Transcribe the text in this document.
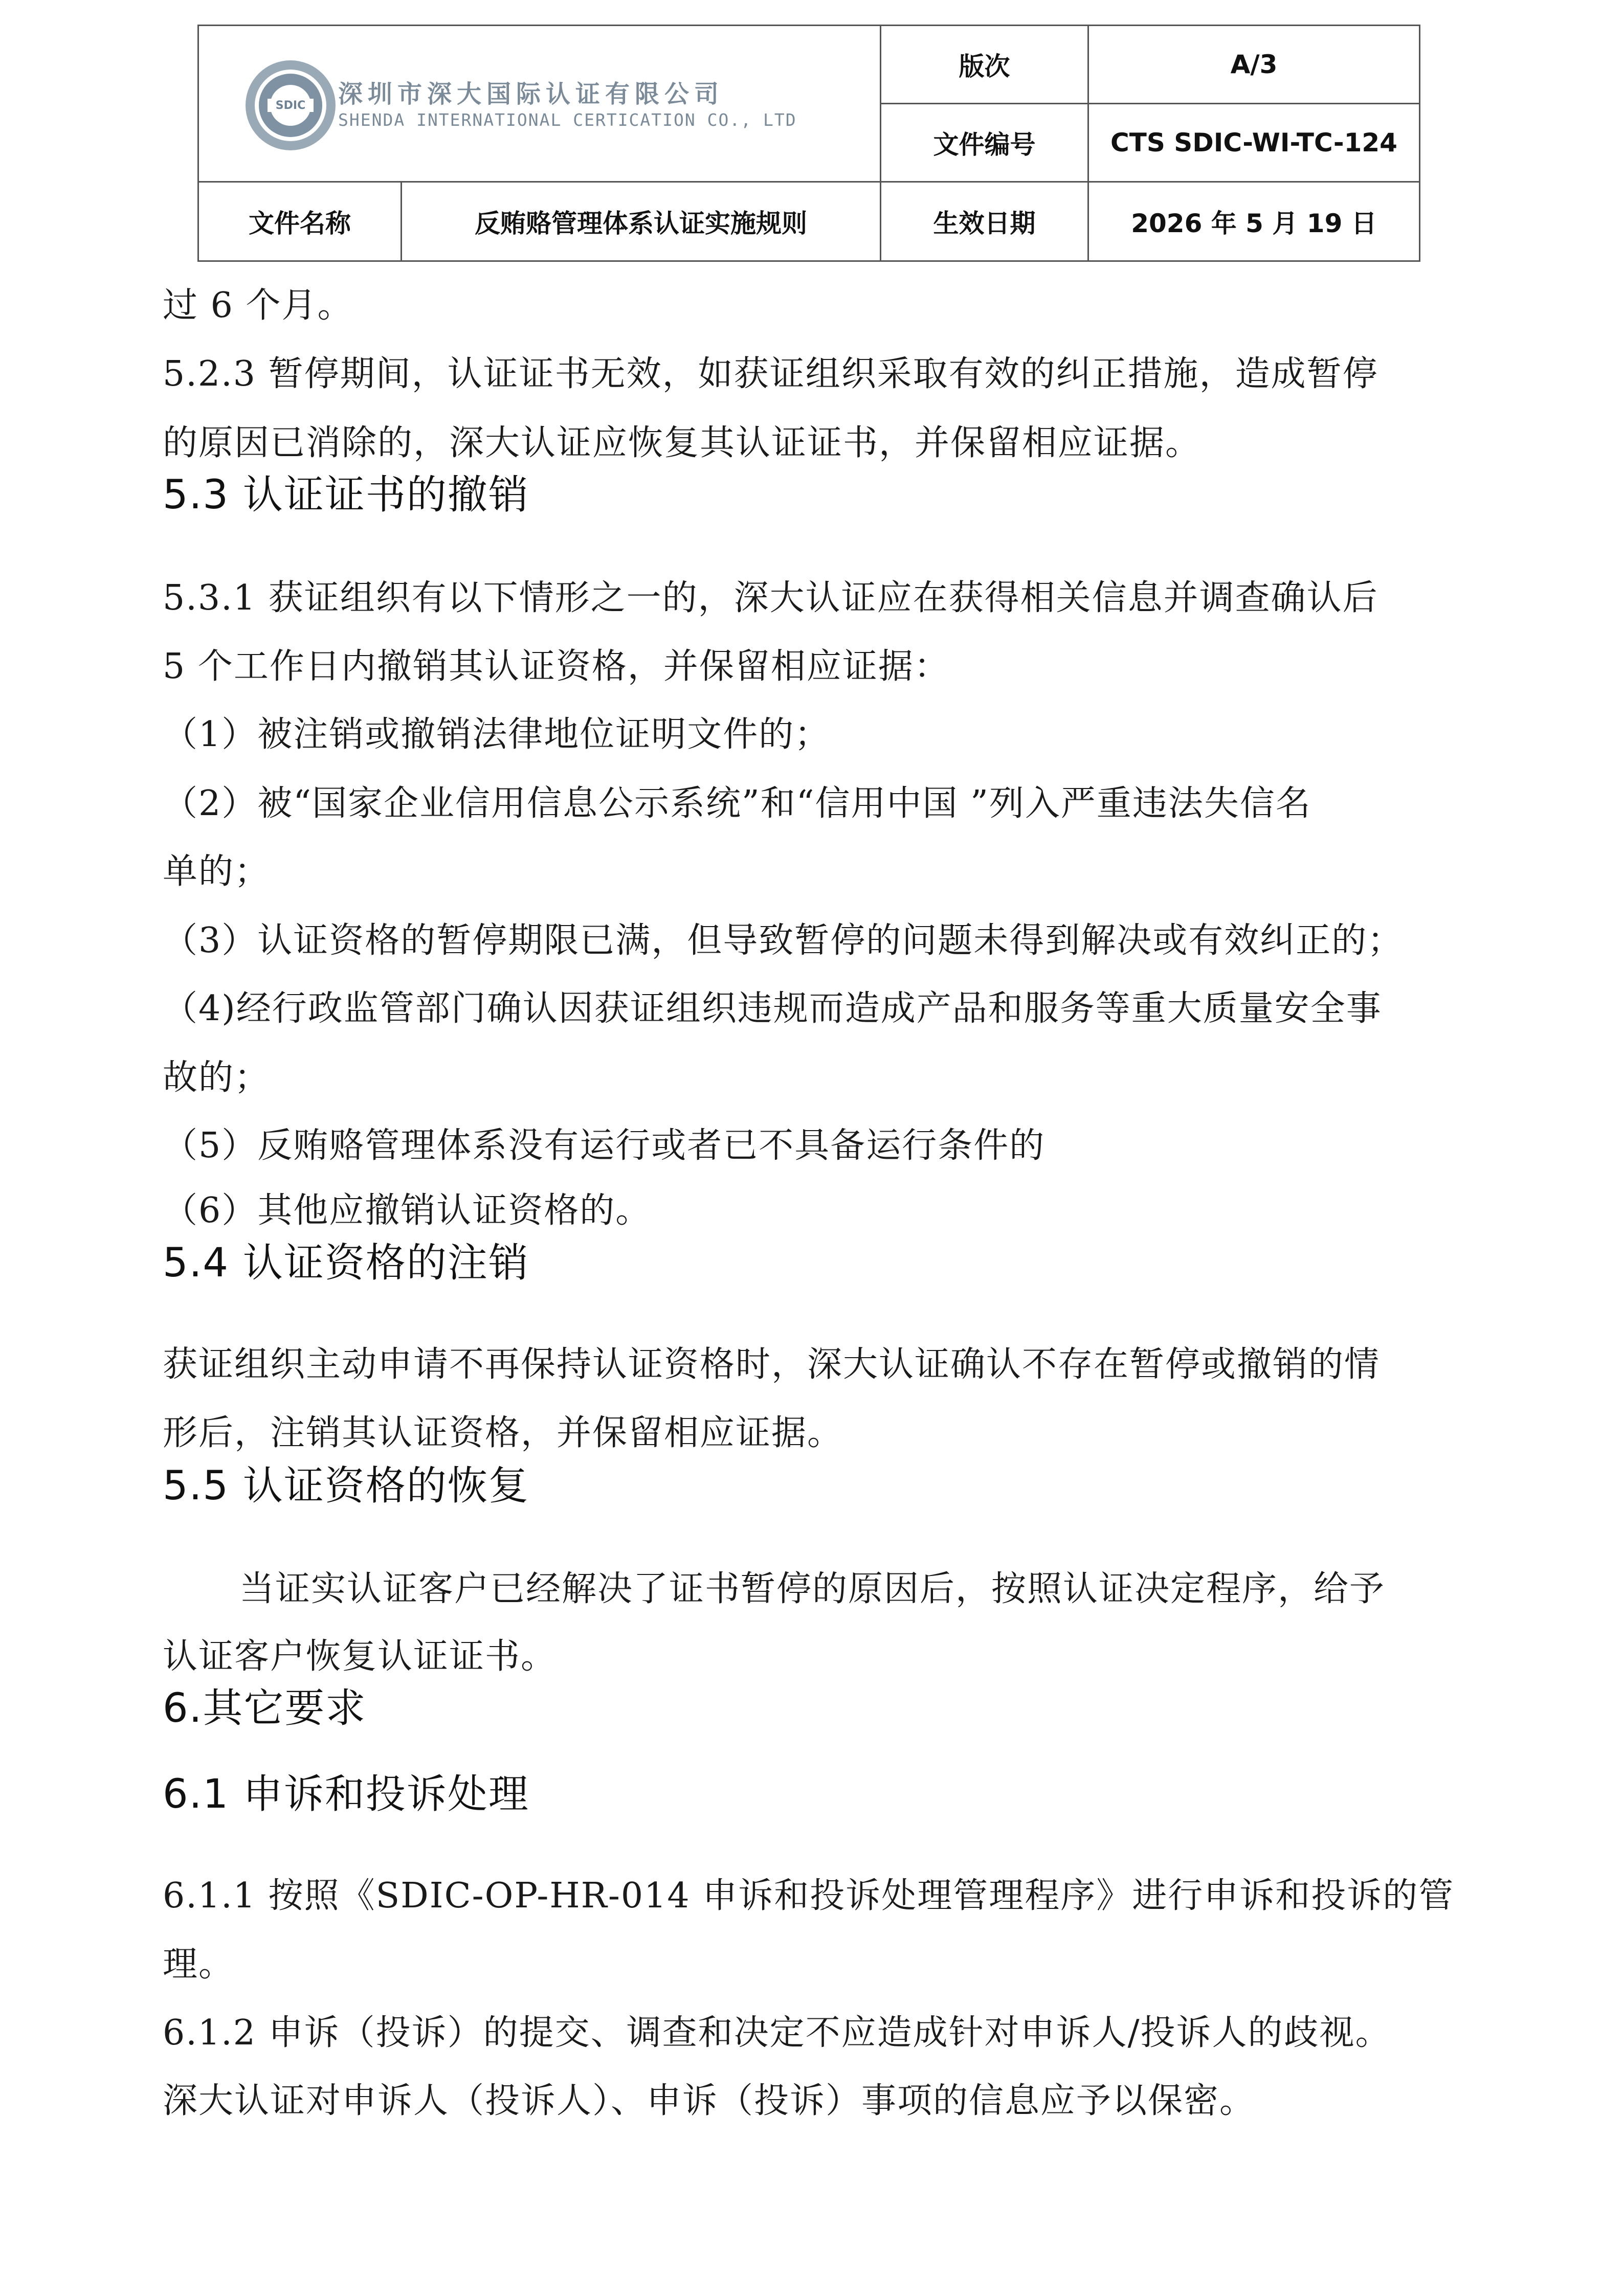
SDIC 深圳市深大国际认证有限公司
SHENDA INTERNATIONAL CERTICATION CO., LTD		版次	A/3
		文件编号	CTS SDIC-WI-TC-124
文件名称	反贿赂管理体系认证实施规则	生效日期	2026 年 5 月 19 日
过 6 个月。
5.2.3 暂停期间，认证证书无效，如获证组织采取有效的纠正措施，造成暂停
的原因已消除的，深大认证应恢复其认证证书，并保留相应证据。
5.3 认证证书的撤销
5.3.1 获证组织有以下情形之一的，深大认证应在获得相关信息并调查确认后
5 个工作日内撤销其认证资格，并保留相应证据：
（1）被注销或撤销法律地位证明文件的；
（2）被“国家企业信用信息公示系统”和“信用中国 ”列入严重违法失信名
单的；
（3）认证资格的暂停期限已满，但导致暂停的问题未得到解决或有效纠正的；
（4)经行政监管部门确认因获证组织违规而造成产品和服务等重大质量安全事
故的；
（5）反贿赂管理体系没有运行或者已不具备运行条件的
（6）其他应撤销认证资格的。
5.4 认证资格的注销
获证组织主动申请不再保持认证资格时，深大认证确认不存在暂停或撤销的情
形后，注销其认证资格，并保留相应证据。
5.5 认证资格的恢复
当证实认证客户已经解决了证书暂停的原因后，按照认证决定程序，给予
认证客户恢复认证证书。
6.其它要求
6.1 申诉和投诉处理
6.1.1 按照《SDIC-OP-HR-014 申诉和投诉处理管理程序》进行申诉和投诉的管
理。
6.1.2 申诉（投诉）的提交、调查和决定不应造成针对申诉人/投诉人的歧视。
深大认证对申诉人（投诉人）、申诉（投诉）事项的信息应予以保密。
